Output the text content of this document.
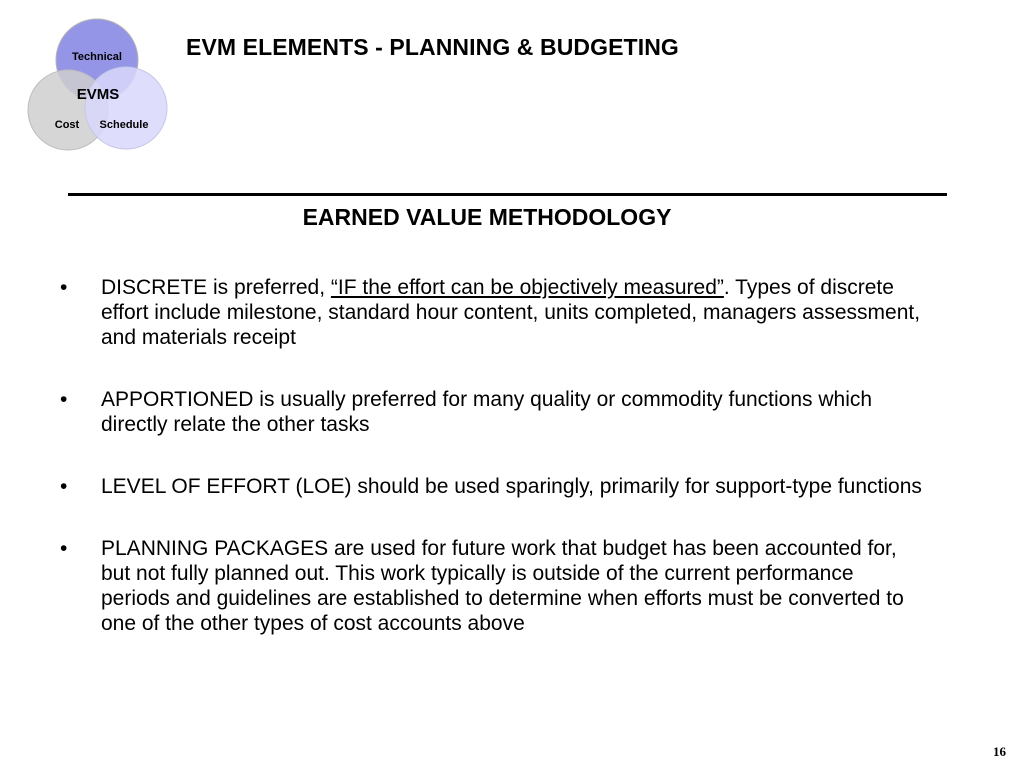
Technical
EVMS
Cost Schedule
EVM ELEMENTS - PLANNING & BUDGETING
EARNED VALUE METHODOLOGY
• DISCRETE is preferred, “IF the effort can be objectively measured”. Types of discrete effort include milestone, standard hour content, units completed, managers assessment, and materials receipt
• APPORTIONED is usually preferred for many quality or commodity functions which directly relate the other tasks
• LEVEL OF EFFORT (LOE) should be used sparingly, primarily for support-type functions
• PLANNING PACKAGES are used for future work that budget has been accounted for, but not fully planned out. This work typically is outside of the current performance periods and guidelines are established to determine when efforts must be converted to one of the other types of cost accounts above
16
